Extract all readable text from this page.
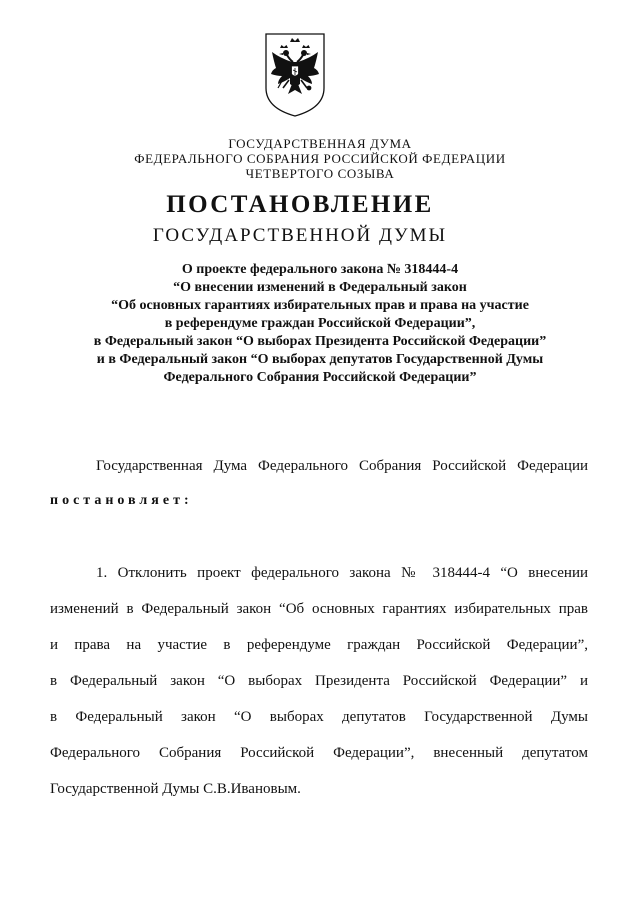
ГОСУДАРСТВЕННАЯ ДУМА
ФЕДЕРАЛЬНОГО СОБРАНИЯ РОССИЙСКОЙ ФЕДЕРАЦИИ
ЧЕТВЕРТОГО СОЗЫВА
ПОСТАНОВЛЕНИЕ
ГОСУДАРСТВЕННОЙ ДУМЫ
О проекте федерального закона № 318444-4
“О внесении изменений в Федеральный закон
“Об основных гарантиях избирательных прав и права на участие
в референдуме граждан Российской Федерации”,
в Федеральный закон “О выборах Президента Российской Федерации”
и в Федеральный закон “О выборах депутатов Государственной Думы
Федерального Собрания Российской Федерации”
Государственная Дума Федерального Собрания Российской Федерации
постановляет:
1. Отклонить проект федерального закона № 318444-4 “О внесении
изменений в Федеральный закон “Об основных гарантиях избирательных прав
и права на участие в референдуме граждан Российской Федерации”,
в Федеральный закон “О выборах Президента Российской Федерации” и
в Федеральный закон “О выборах депутатов Государственной Думы
Федерального Собрания Российской Федерации”, внесенный депутатом
Государственной Думы С.В.Ивановым.
